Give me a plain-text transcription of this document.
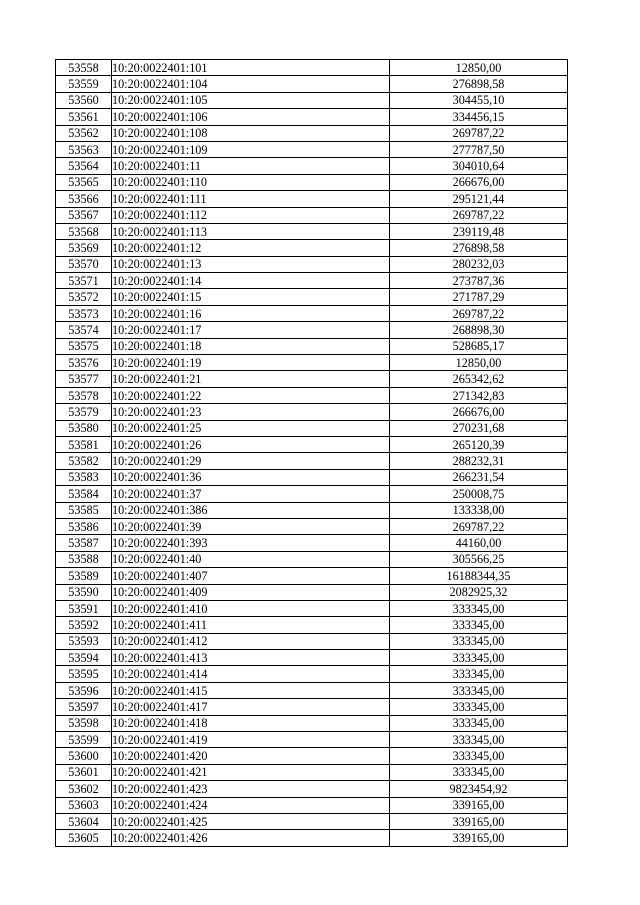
53558	10:20:0022401:101	12850,00
53559	10:20:0022401:104	276898,58
53560	10:20:0022401:105	304455,10
53561	10:20:0022401:106	334456,15
53562	10:20:0022401:108	269787,22
53563	10:20:0022401:109	277787,50
53564	10:20:0022401:11	304010,64
53565	10:20:0022401:110	266676,00
53566	10:20:0022401:111	295121,44
53567	10:20:0022401:112	269787,22
53568	10:20:0022401:113	239119,48
53569	10:20:0022401:12	276898,58
53570	10:20:0022401:13	280232,03
53571	10:20:0022401:14	273787,36
53572	10:20:0022401:15	271787,29
53573	10:20:0022401:16	269787,22
53574	10:20:0022401:17	268898,30
53575	10:20:0022401:18	528685,17
53576	10:20:0022401:19	12850,00
53577	10:20:0022401:21	265342,62
53578	10:20:0022401:22	271342,83
53579	10:20:0022401:23	266676,00
53580	10:20:0022401:25	270231,68
53581	10:20:0022401:26	265120,39
53582	10:20:0022401:29	288232,31
53583	10:20:0022401:36	266231,54
53584	10:20:0022401:37	250008,75
53585	10:20:0022401:386	133338,00
53586	10:20:0022401:39	269787,22
53587	10:20:0022401:393	44160,00
53588	10:20:0022401:40	305566,25
53589	10:20:0022401:407	16188344,35
53590	10:20:0022401:409	2082925,32
53591	10:20:0022401:410	333345,00
53592	10:20:0022401:411	333345,00
53593	10:20:0022401:412	333345,00
53594	10:20:0022401:413	333345,00
53595	10:20:0022401:414	333345,00
53596	10:20:0022401:415	333345,00
53597	10:20:0022401:417	333345,00
53598	10:20:0022401:418	333345,00
53599	10:20:0022401:419	333345,00
53600	10:20:0022401:420	333345,00
53601	10:20:0022401:421	333345,00
53602	10:20:0022401:423	9823454,92
53603	10:20:0022401:424	339165,00
53604	10:20:0022401:425	339165,00
53605	10:20:0022401:426	339165,00
